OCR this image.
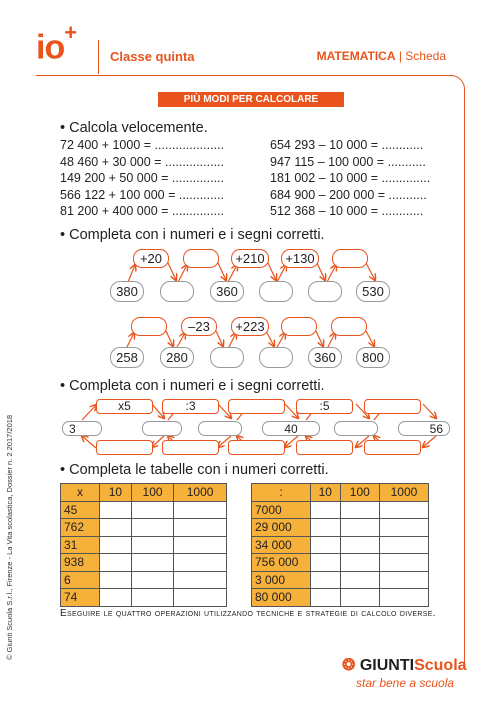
io+
Classe quinta	MATEMATICA | Scheda
PIÙ MODI PER CALCOLARE
• Calcola velocemente.
72 400 + 1000 = ....................
48 460 + 30 000 = .................
149 200 + 50 000 = ...............
566 122 + 100 000 = .............
81 200 + 400 000 = ...............
654 293 – 10 000 = ............
947 115 – 100 000 = ...........
181 002 – 10 000 = ..............
684 900 – 200 000 = ...........
512 368 – 10 000 = ............
• Completa con i numeri e i segni corretti.
+20	+210	+130
380	360	530
–23	+223
258	280	360	800
• Completa con i numeri e i segni corretti.
x5	:3	:5
3	40	56
• Completa le tabelle con i numeri corretti.
x	10	100	1000
45			
762			
31			
938			
6			
74			
:	10	100	1000
7000			
29 000			
34 000			
756 000			
3 000			
80 000			
Eseguire le quattro operazioni utilizzando tecniche e strategie di calcolo diverse.
© Giunti Scuola S.r.l., Firenze - La Vita scolastica, Dossier n. 2 2017/2018
❂ GIUNTIScuola
star bene a scuola
